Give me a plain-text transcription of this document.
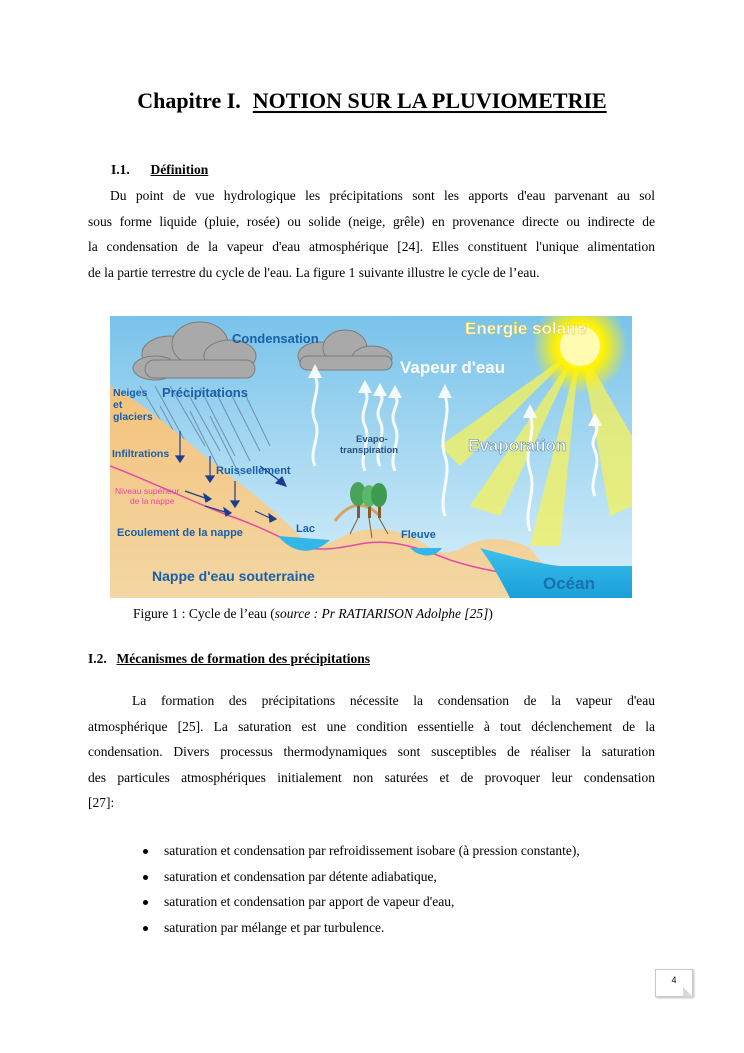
Chapitre I. NOTION SUR LA PLUVIOMETRIE
I.1. Définition
Du point de vue hydrologique les précipitations sont les apports d'eau parvenant au sol
sous forme liquide (pluie, rosée) ou solide (neige, grêle) en provenance directe ou indirecte de
la condensation de la vapeur d'eau atmosphérique [24]. Elles constituent l'unique alimentation
de la partie terrestre du cycle de l'eau. La figure 1 suivante illustre le cycle de l’eau.
Condensation
Energie solaire
Vapeur d'eau
Neiges
et
glaciers
Précipitations
Evapo-
transpiration	Evaporation
Infiltrations
Ruissellement
Niveau supérieur
de la nappe
Ecoulement de la nappe	Lac	Fleuve
Nappe d'eau souterraine	Océan
Figure 1 : Cycle de l’eau (source : Pr RATIARISON Adolphe [25])
I.2. Mécanismes de formation des précipitations
La formation des précipitations nécessite la condensation de la vapeur d'eau
atmosphérique [25]. La saturation est une condition essentielle à tout déclenchement de la
condensation. Divers processus thermodynamiques sont susceptibles de réaliser la saturation
des particules atmosphériques initialement non saturées et de provoquer leur condensation
[27]:
saturation et condensation par refroidissement isobare (à pression constante),
saturation et condensation par détente adiabatique,
saturation et condensation par apport de vapeur d'eau,
saturation par mélange et par turbulence.
4
